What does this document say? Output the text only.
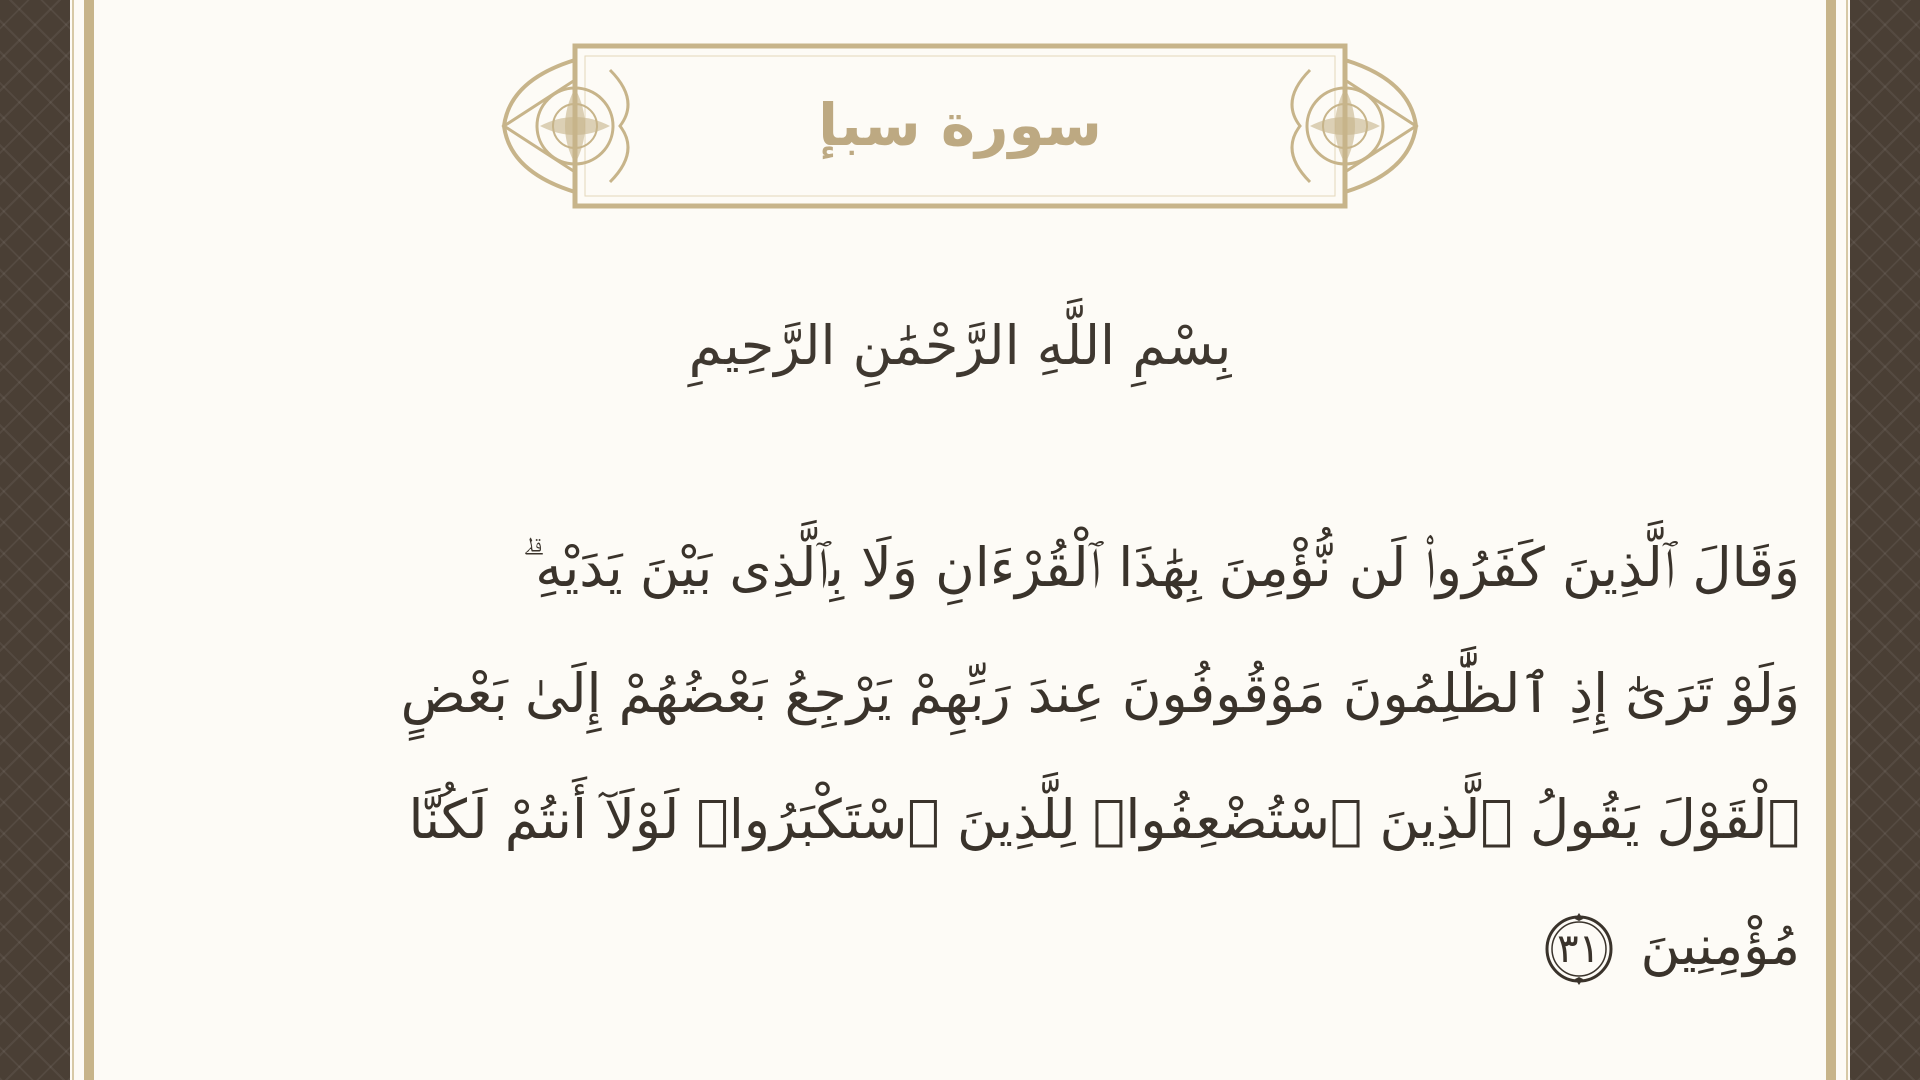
سورة سبإ
بِسْمِ اللَّهِ الرَّحْمَٰنِ الرَّحِيمِ
وَقَالَ ٱلَّذِينَ كَفَرُوا۟ لَن نُّؤْمِنَ بِهَٰذَا ٱلْقُرْءَانِ وَلَا بِٱلَّذِى بَيْنَ يَدَيْهِ ۗ
وَلَوْ تَرَىٰٓ إِذِ ٱلظَّٰلِمُونَ مَوْقُوفُونَ عِندَ رَبِّهِمْ يَرْجِعُ بَعْضُهُمْ إِلَىٰ بَعْضٍ
ٱلْقَوْلَ يَقُولُ ٱلَّذِينَ ٱسْتُضْعِفُوا۟ لِلَّذِينَ ٱسْتَكْبَرُوا۟ لَوْلَآ أَنتُمْ لَكُنَّا
مُؤْمِنِينَ
٣١
